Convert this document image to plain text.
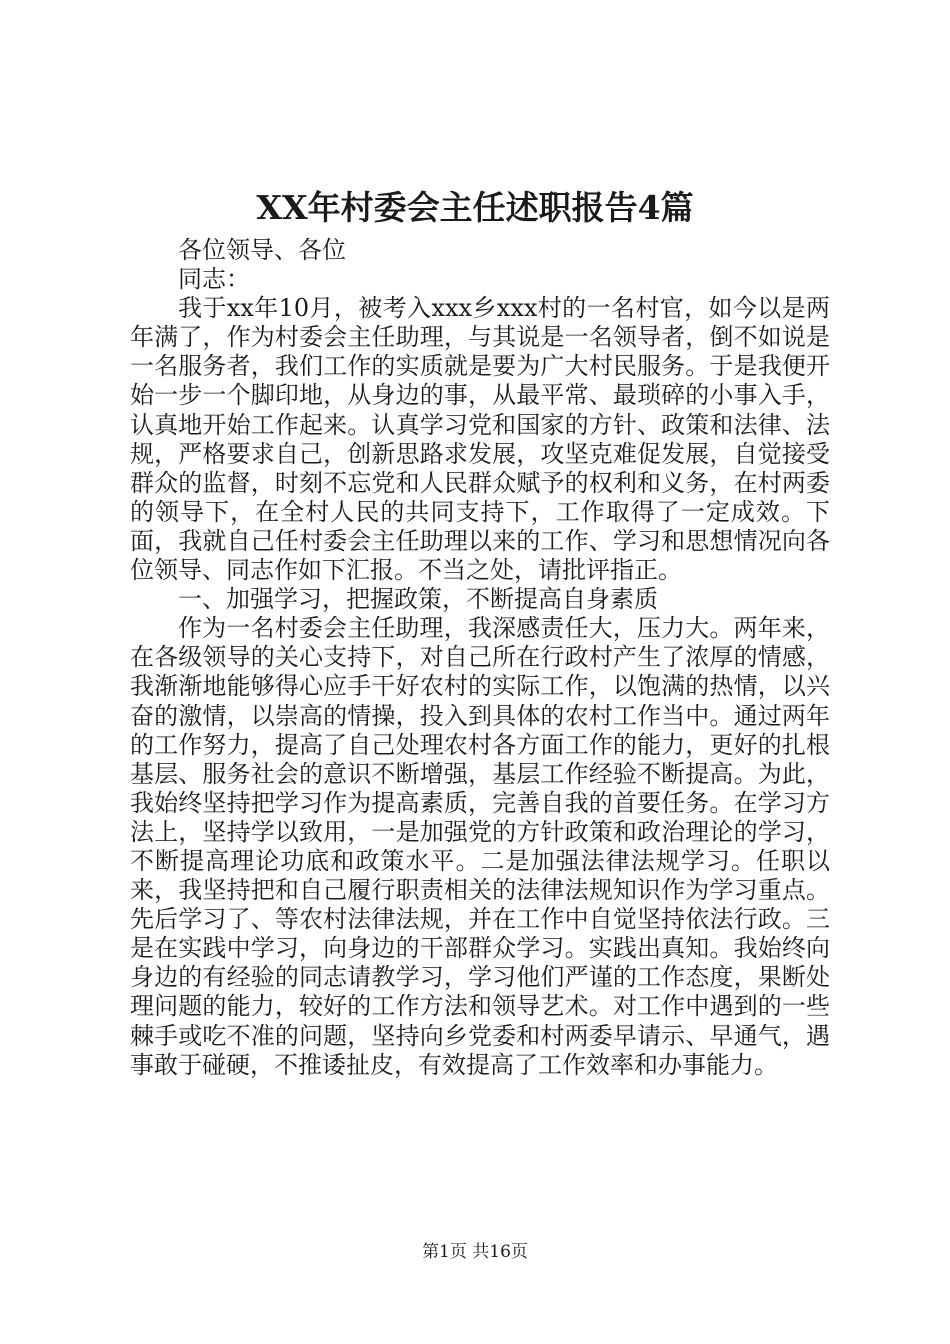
XX年村委会主任述职报告4篇

各位领导、各位

同志：

我于xx年10月，被考入xxx乡xxx村的一名村官，如今以是两年满了，作为村委会主任助理，与其说是一名领导者，倒不如说是一名服务者，我们工作的实质就是要为广大村民服务。于是我便开始一步一个脚印地，从身边的事，从最平常、最琐碎的小事入手，认真地开始工作起来。认真学习党和国家的方针、政策和法律、法规，严格要求自己，创新思路求发展，攻坚克难促发展，自觉接受群众的监督，时刻不忘党和人民群众赋予的权利和义务，在村两委的领导下，在全村人民的共同支持下，工作取得了一定成效。下面，我就自己任村委会主任助理以来的工作、学习和思想情况向各位领导、同志作如下汇报。不当之处，请批评指正。

一、加强学习，把握政策，不断提高自身素质

作为一名村委会主任助理，我深感责任大，压力大。两年来，在各级领导的关心支持下，对自己所在行政村产生了浓厚的情感，我渐渐地能够得心应手干好农村的实际工作，以饱满的热情，以兴奋的激情，以崇高的情操，投入到具体的农村工作当中。通过两年的工作努力，提高了自己处理农村各方面工作的能力，更好的扎根基层、服务社会的意识不断增强，基层工作经验不断提高。为此，我始终坚持把学习作为提高素质，完善自我的首要任务。在学习方法上，坚持学以致用，一是加强党的方针政策和政治理论的学习，不断提高理论功底和政策水平。二是加强法律法规学习。任职以来，我坚持把和自己履行职责相关的法律法规知识作为学习重点。先后学习了、等农村法律法规，并在工作中自觉坚持依法行政。三是在实践中学习，向身边的干部群众学习。实践出真知。我始终向身边的有经验的同志请教学习，学习他们严谨的工作态度，果断处理问题的能力，较好的工作方法和领导艺术。对工作中遇到的一些棘手或吃不准的问题，坚持向乡党委和村两委早请示、早通气，遇事敢于碰硬，不推诿扯皮，有效提高了工作效率和办事能力。

第1页 共16页
